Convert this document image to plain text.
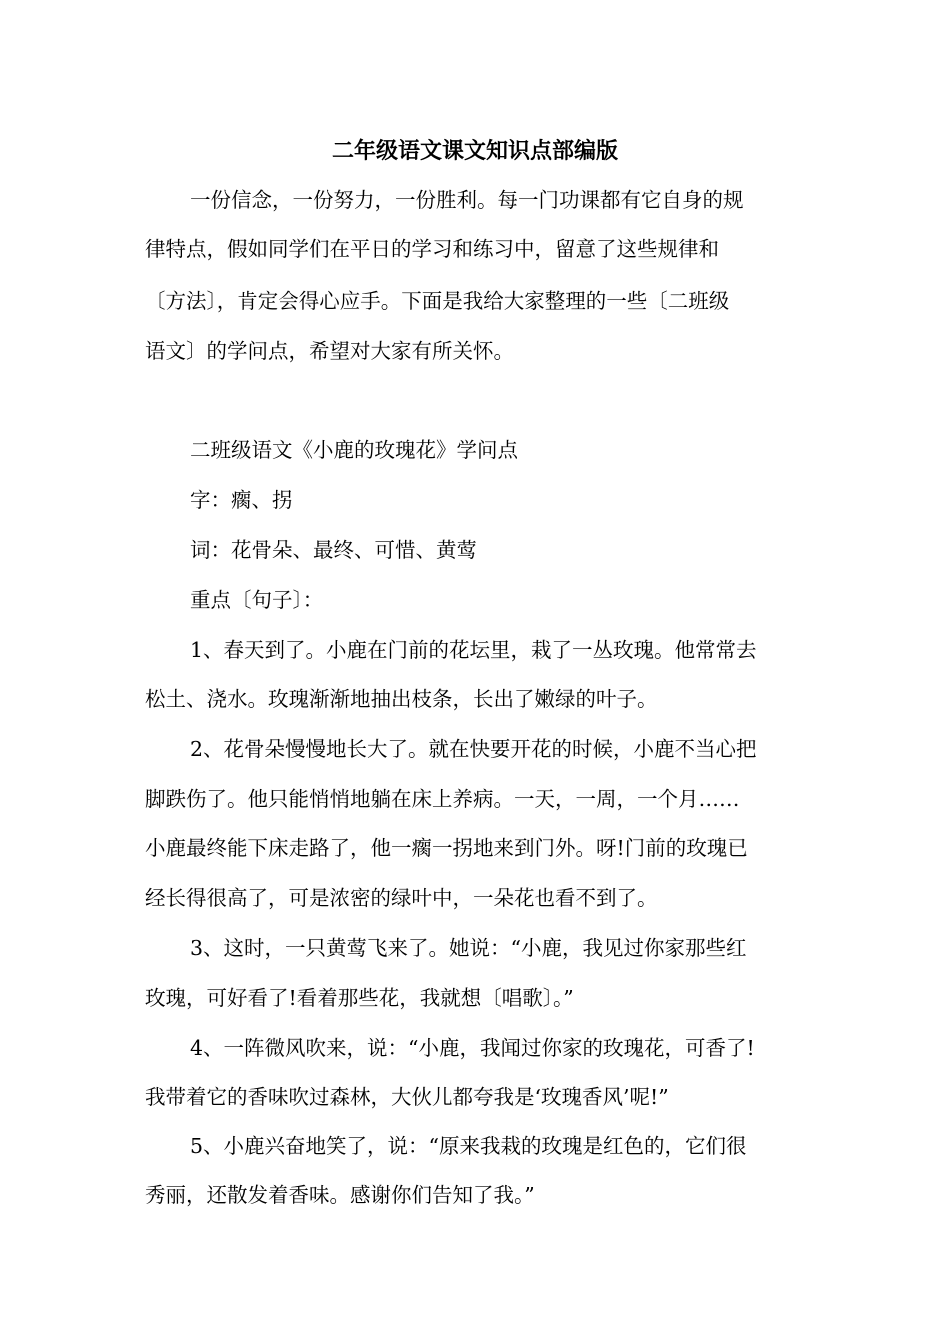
二年级语文课文知识点部编版
一份信念，一份努力，一份胜利。每一门功课都有它自身的规
律特点，假如同学们在平日的学习和练习中，留意了这些规律和
〔方法〕，肯定会得心应手。下面是我给大家整理的一些〔二班级
语文〕的学问点，希望对大家有所关怀。
二班级语文《小鹿的玫瑰花》学问点
字：瘸、拐
词：花骨朵、最终、可惜、黄莺
重点〔句子〕：
1、春天到了。小鹿在门前的花坛里，栽了一丛玫瑰。他常常去
松土、浇水。玫瑰渐渐地抽出枝条，长出了嫩绿的叶子。
2、花骨朵慢慢地长大了。就在快要开花的时候，小鹿不当心把
脚跌伤了。他只能悄悄地躺在床上养病。一天，一周，一个月……
小鹿最终能下床走路了，他一瘸一拐地来到门外。呀!门前的玫瑰已
经长得很高了，可是浓密的绿叶中，一朵花也看不到了。
3、这时，一只黄莺飞来了。她说：“小鹿，我见过你家那些红
玫瑰，可好看了!看着那些花，我就想〔唱歌〕。”
4、一阵微风吹来，说：“小鹿，我闻过你家的玫瑰花，可香了!
我带着它的香味吹过森林，大伙儿都夸我是‘玫瑰香风’呢!”
5、小鹿兴奋地笑了，说：“原来我栽的玫瑰是红色的，它们很
秀丽，还散发着香味。感谢你们告知了我。”
